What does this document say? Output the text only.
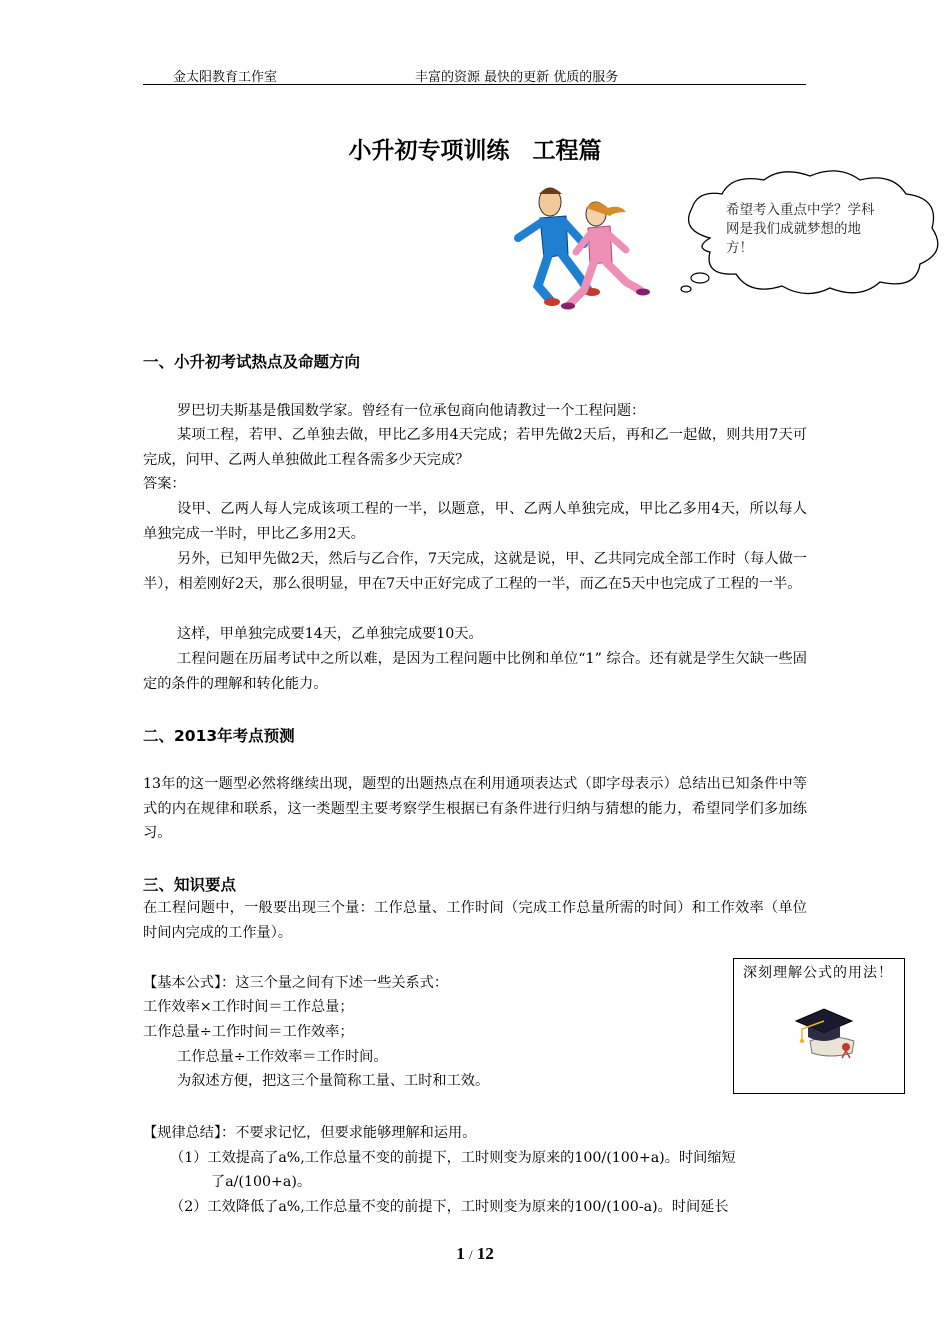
金太阳教育工作室	丰富的资源 最快的更新 优质的服务
小升初专项训练　工程篇
希望考入重点中学？学科网是我们成就梦想的地方！
一、小升初考试热点及命题方向

罗巴切夫斯基是俄国数学家。曾经有一位承包商向他请教过一个工程问题：

某项工程，若甲、乙单独去做，甲比乙多用4天完成；若甲先做2天后，再和乙一起做，则共用7天可完成，问甲、乙两人单独做此工程各需多少天完成？

答案：

设甲、乙两人每人完成该项工程的一半，以题意，甲、乙两人单独完成，甲比乙多用4天，所以每人单独完成一半时，甲比乙多用2天。

另外，已知甲先做2天，然后与乙合作，7天完成，这就是说，甲、乙共同完成全部工作时（每人做一半），相差刚好2天，那么很明显，甲在7天中正好完成了工程的一半，而乙在5天中也完成了工程的一半。

这样，甲单独完成要14天，乙单独完成要10天。

工程问题在历届考试中之所以难，是因为工程问题中比例和单位“1” 综合。还有就是学生欠缺一些固定的条件的理解和转化能力。

二、2013年考点预测

13年的这一题型必然将继续出现，题型的出题热点在利用通项表达式（即字母表示）总结出已知条件中等式的内在规律和联系，这一类题型主要考察学生根据已有条件进行归纳与猜想的能力，希望同学们多加练习。

三、知识要点

在工程问题中，一般要出现三个量：工作总量、工作时间（完成工作总量所需的时间）和工作效率（单位时间内完成的工作量）。

【基本公式】：这三个量之间有下述一些关系式：
工作效率×工作时间＝工作总量；
工作总量÷工作时间＝工作效率；
工作总量÷工作效率＝工作时间。
为叙述方便，把这三个量简称工量、工时和工效。
深刻理解公式的用法！
【规律总结】：不要求记忆，但要求能够理解和运用。
（1）工效提高了a%,工作总量不变的前提下，工时则变为原来的100/(100+a)。时间缩短
了a/(100+a)。
（2）工效降低了a%,工作总量不变的前提下，工时则变为原来的100/(100-a)。时间延长
1 / 12
